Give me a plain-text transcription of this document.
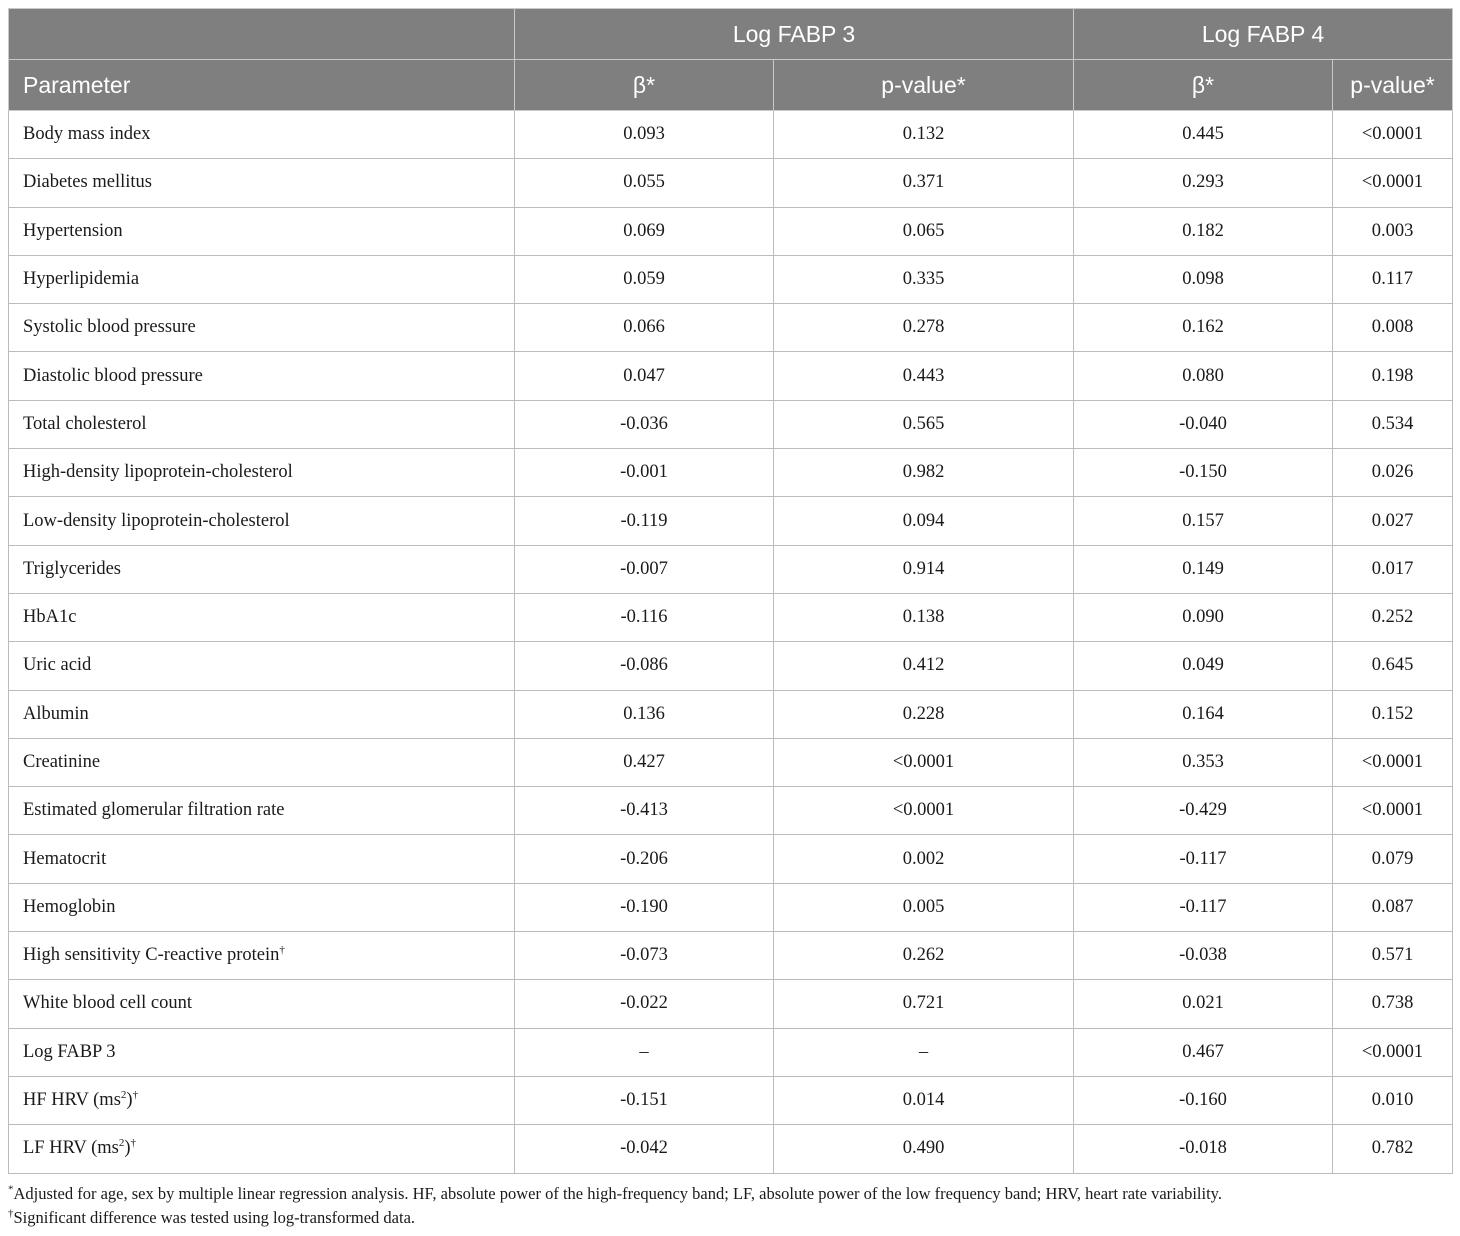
	Log FABP 3		Log FABP 4	
Parameter	β*	p-value*	β*	p-value*
Body mass index	0.093	0.132	0.445	<0.0001
Diabetes mellitus	0.055	0.371	0.293	<0.0001
Hypertension	0.069	0.065	0.182	0.003
Hyperlipidemia	0.059	0.335	0.098	0.117
Systolic blood pressure	0.066	0.278	0.162	0.008
Diastolic blood pressure	0.047	0.443	0.080	0.198
Total cholesterol	-0.036	0.565	-0.040	0.534
High-density lipoprotein-cholesterol	-0.001	0.982	-0.150	0.026
Low-density lipoprotein-cholesterol	-0.119	0.094	0.157	0.027
Triglycerides	-0.007	0.914	0.149	0.017
HbA1c	-0.116	0.138	0.090	0.252
Uric acid	-0.086	0.412	0.049	0.645
Albumin	0.136	0.228	0.164	0.152
Creatinine	0.427	<0.0001	0.353	<0.0001
Estimated glomerular filtration rate	-0.413	<0.0001	-0.429	<0.0001
Hematocrit	-0.206	0.002	-0.117	0.079
Hemoglobin	-0.190	0.005	-0.117	0.087
High sensitivity C-reactive protein†	-0.073	0.262	-0.038	0.571
White blood cell count	-0.022	0.721	0.021	0.738
Log FABP 3	–	–	0.467	<0.0001
HF HRV $(ms^2)^\dagger$	-0.151	0.014	-0.160	0.010
LF HRV $(ms^2)^\dagger$	-0.042	0.490	-0.018	0.782

*Adjusted for age, sex by multiple linear regression analysis. HF, absolute power of the high-frequency band; LF, absolute power of the low frequency band; HRV, heart rate variability.

†Significant difference was tested using log-transformed data.
